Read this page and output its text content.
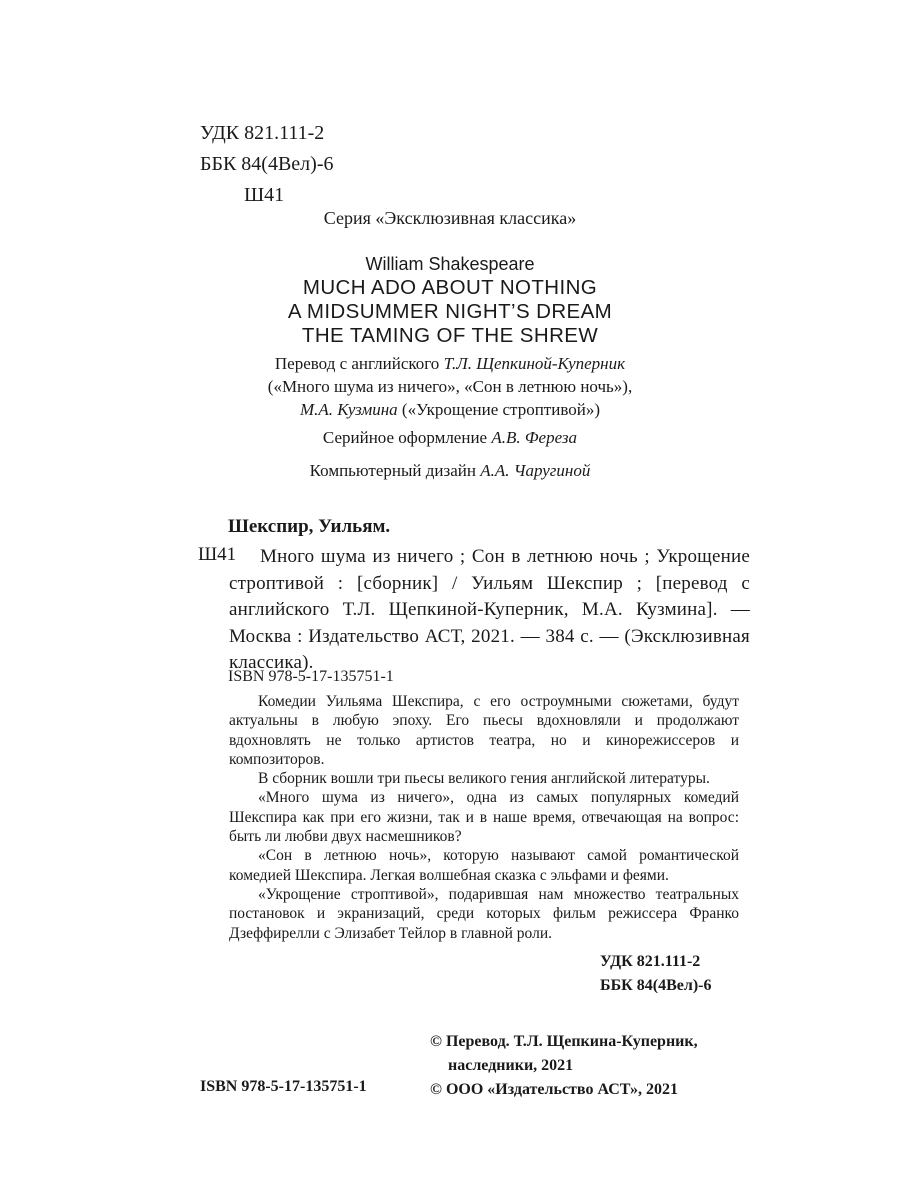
УДК 821.111-2
ББК 84(4Вел)-6
Ш41
Серия «Эксклюзивная классика»
William Shakespeare
MUCH ADO ABOUT NOTHING
A MIDSUMMER NIGHT’S DREAM
THE TAMING OF THE SHREW
Перевод с английского Т.Л. Щепкиной-Куперник
(«Много шума из ничего», «Сон в летнюю ночь»),
М.А. Кузмина («Укрощение строптивой»)
Серийное оформление А.В. Фереза
Компьютерный дизайн А.А. Чаругиной
Шекспир, Уильям.
Ш41	Много шума из ничего ; Сон в летнюю ночь ; Укрощение строптивой : [сборник] / Уильям Шекспир ; [перевод с английского Т.Л. Щепкиной-Куперник, М.А. Кузмина]. — Москва : Издательство АСТ, 2021. — 384 с. — (Эксклюзивная классика).
ISBN 978-5-17-135751-1

Комедии Уильяма Шекспира, с его остроумными сюжетами, будут актуальны в любую эпоху. Его пьесы вдохновляли и продолжают вдохновлять не только артистов театра, но и кинорежиссеров и композиторов.

В сборник вошли три пьесы великого гения английской литературы.

«Много шума из ничего», одна из самых популярных комедий Шекспира как при его жизни, так и в наше время, отвечающая на вопрос: быть ли любви двух насмешников?

«Сон в летнюю ночь», которую называют самой романтической комедией Шекспира. Легкая волшебная сказка с эльфами и феями.

«Укрощение строптивой», подарившая нам множество театральных постановок и экранизаций, среди которых фильм режиссера Франко Дзеффирелли с Элизабет Тейлор в главной роли.

УДК 821.111-2
ББК 84(4Вел)-6
© Перевод. Т.Л. Щепкина-Куперник,
наследники, 2021
© ООО «Издательство АСТ», 2021
ISBN 978-5-17-135751-1
